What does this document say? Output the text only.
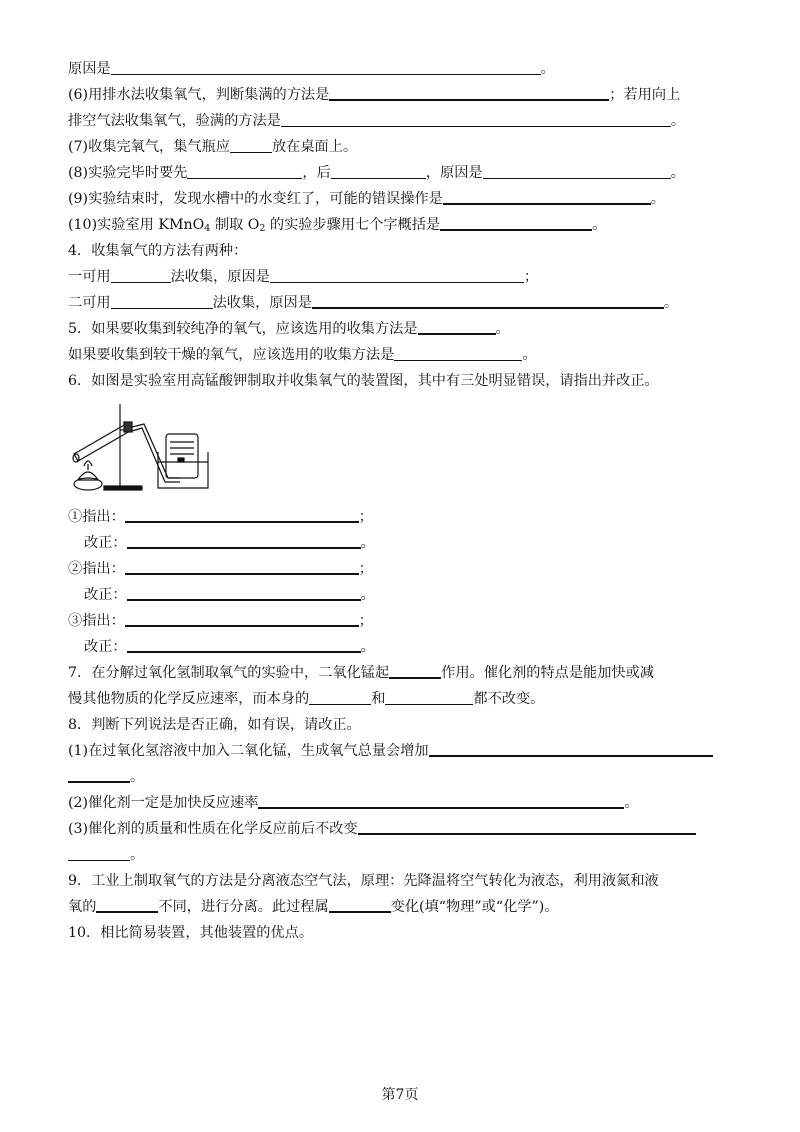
原因是	。
(6)用排水法收集氧气，判断集满的方法是	；若用向上
排空气法收集氧气，验满的方法是	。
(7)收集完氧气，集气瓶应	放在桌面上。
(8)实验完毕时要先	，后	，原因是	。
(9)实验结束时，发现水槽中的水变红了，可能的错误操作是	。
(10)实验室用 KMnO$_4$ 制取 $O_2$ 的实验步骤用七个字概括是	。
4．收集氧气的方法有两种：
一可用	法收集，原因是	；
二可用	法收集，原因是	。
5．如果要收集到较纯净的氧气，应该选用的收集方法是	。
如果要收集到较干燥的氧气，应该选用的收集方法是	。
6．如图是实验室用高锰酸钾制取并收集氧气的装置图，其中有三处明显错误，请指出并改正。
①指出：	；
改正：	。
②指出：	；
改正：	。
③指出：	；
改正：	。
7．在分解过氧化氢制取氧气的实验中，二氧化锰起	作用。催化剂的特点是能加快或减
慢其他物质的化学反应速率，而本身的	和	都不改变。
8．判断下列说法是否正确，如有误，请改正。
(1)在过氧化氢溶液中加入二氧化锰，生成氧气总量会增加
。
(2)催化剂一定是加快反应速率	。
(3)催化剂的质量和性质在化学反应前后不改变
。
9．工业上制取氧气的方法是分离液态空气法，原理：先降温将空气转化为液态，利用液氮和液
氧的	不同，进行分离。此过程属	变化(填“物理”或“化学”)。
10．相比简易装置，其他装置的优点。
第7页
